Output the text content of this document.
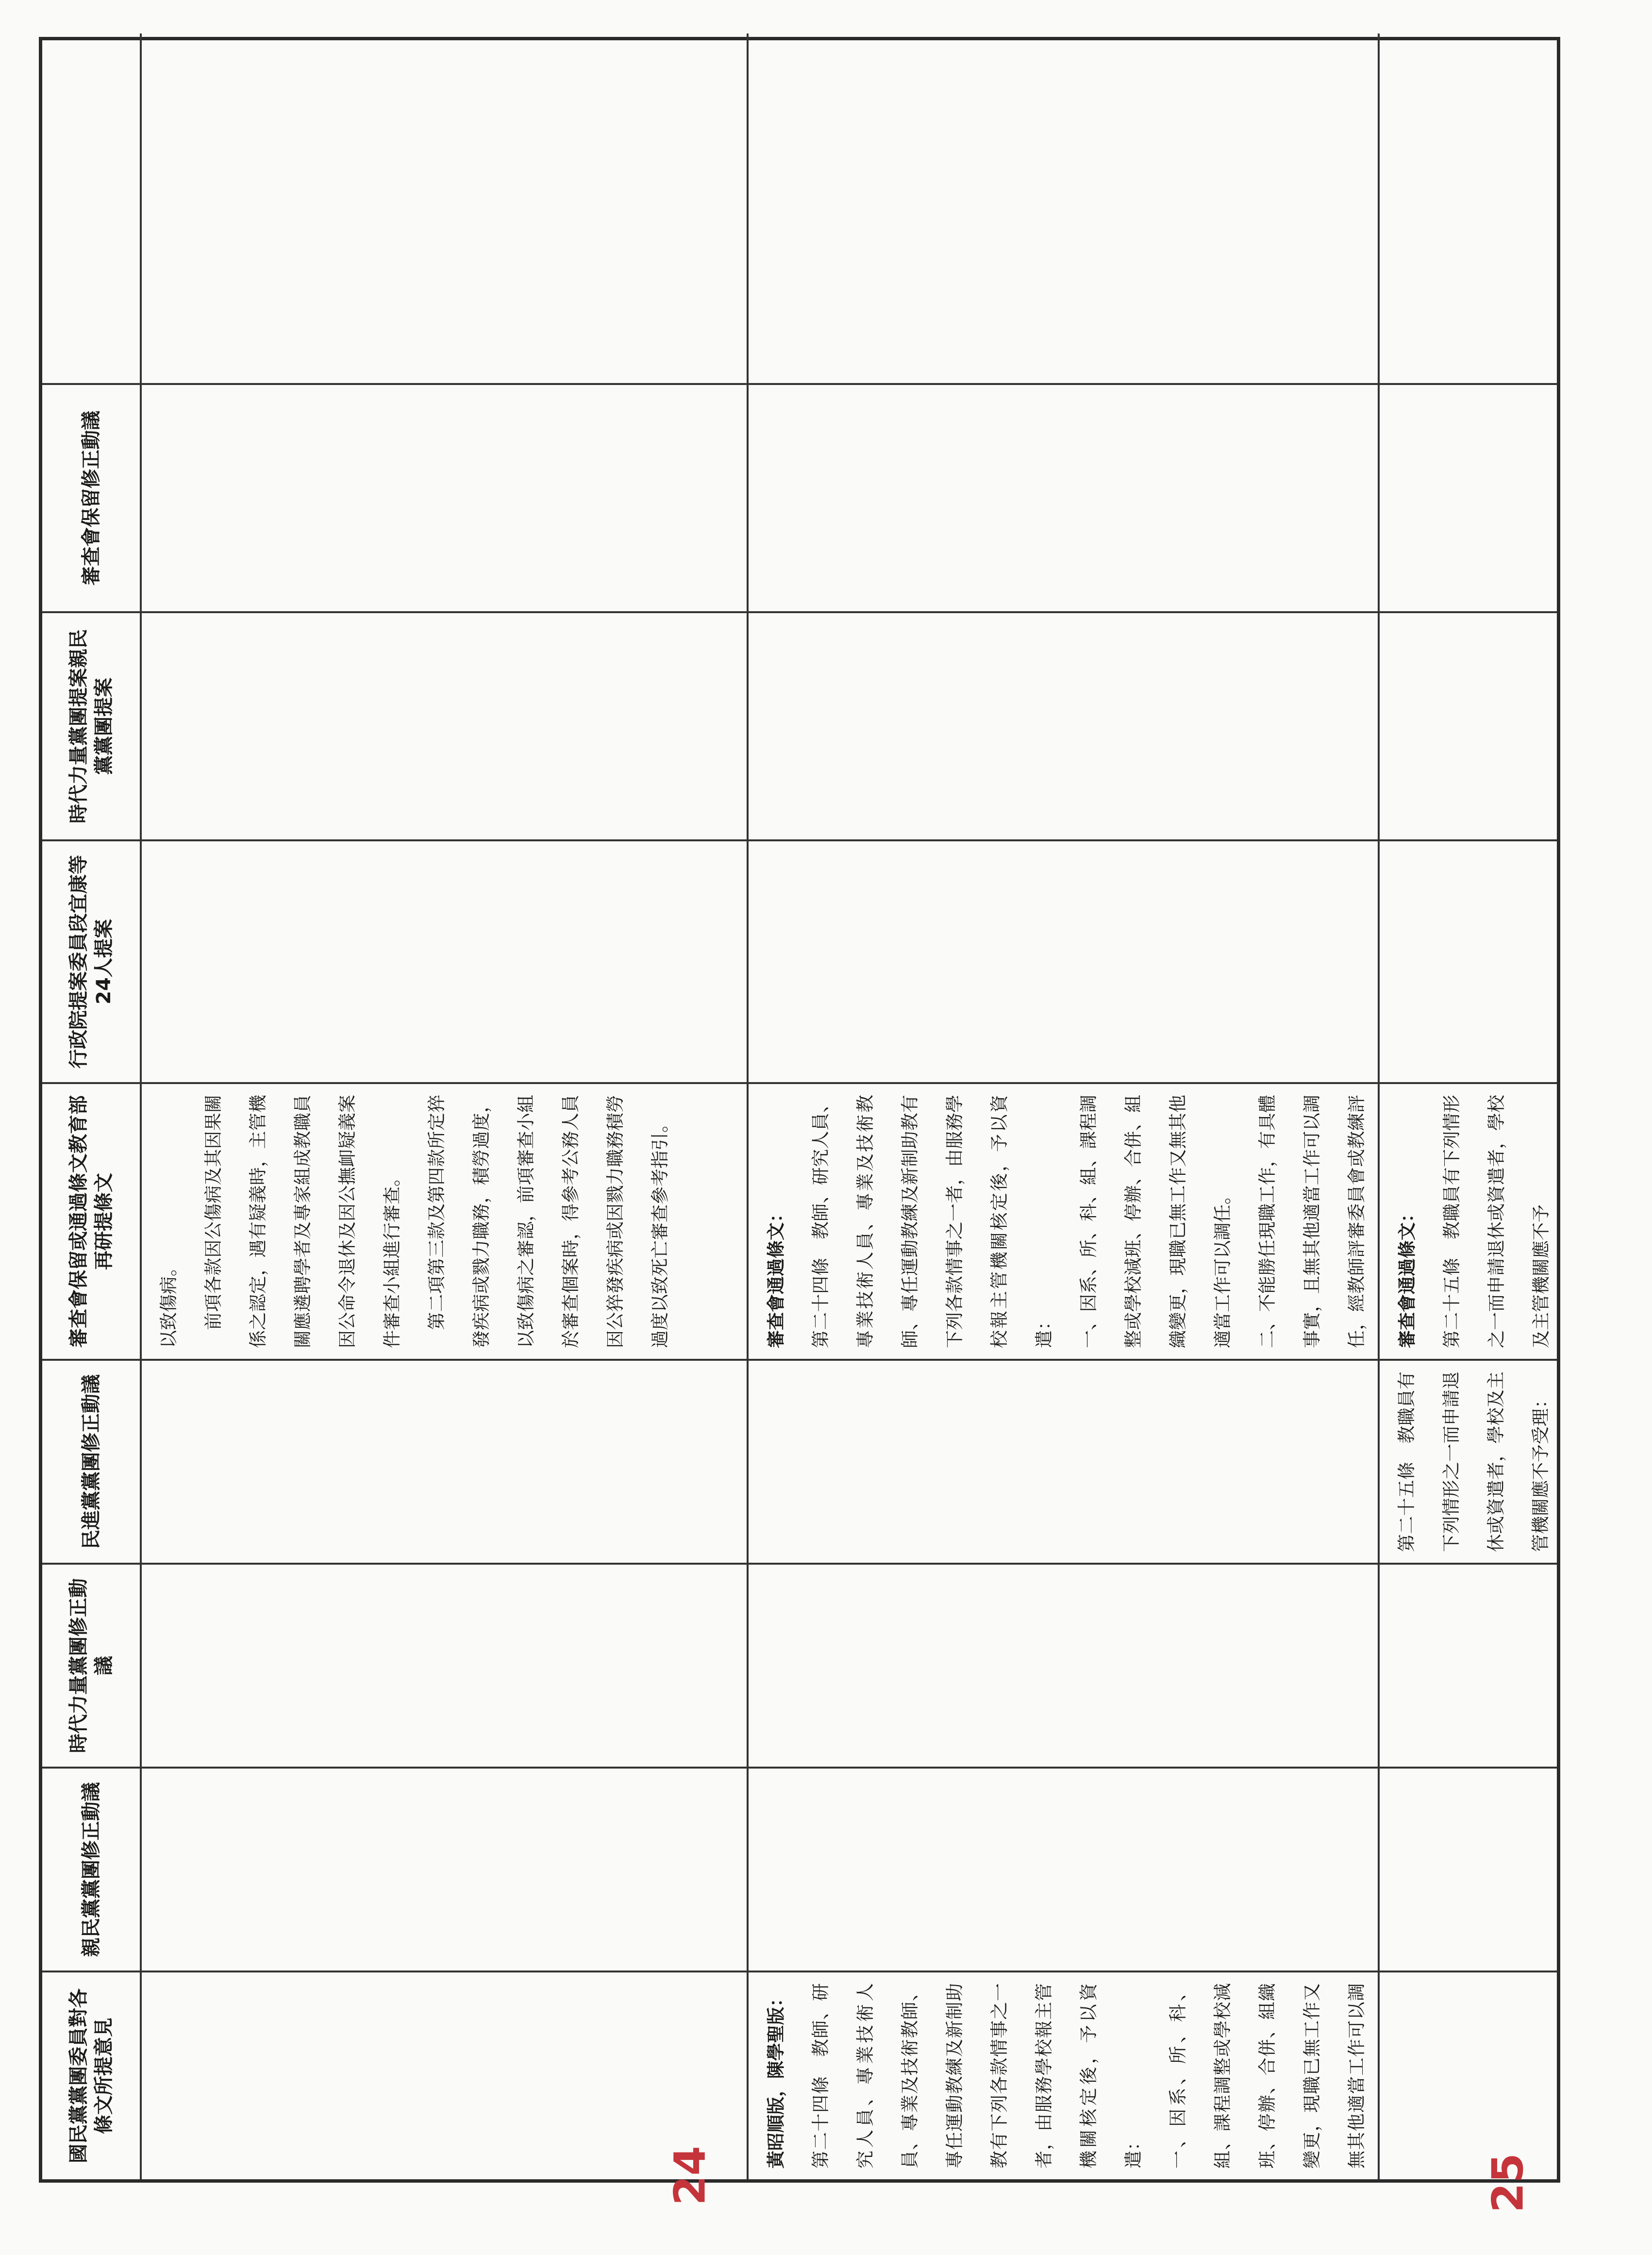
國民黨黨團委員對各條文所提意見
親民黨黨團修正動議
時代力量黨團修正動議
民進黨黨團修正動議
審查會保留或通過條文教育部再研提條文
行政院提案委員段宜康等24人提案
時代力量黨團提案親民黨黨團提案
審查會保留修正動議
以致傷病。
　前項各款因公傷病及其因果關係之認定，遇有疑義時，主管機關應遴聘學者及專家組成教職員因公命令退休及因公撫卹疑義案件審查小組進行審查。
　第二項第三款及第四款所定猝發疾病或戮力職務，積勞過度，以致傷病之審認，前項審查小組於審查個案時，得參考公務人員因公猝發疾病或因戮力職務積勞過度以致死亡審查參考指引。
黃昭順版，陳學聖版： 第二十四條　教師、研究人員、專業技術人員、專業及技術教師、專任運動教練及新制助教有下列各款情事之一者，由服務學校報主管機關核定後，予以資遣：
一、因系、所、科、組、課程調整或學校減班、停辦、合併、組織變更，現職已無工作又無其他適當工作可以調

審查會通過條文： 第二十四條　教師、研究人員、專業技術人員、專業及技術教師、專任運動教練及新制助教有下列各款情事之一者，由服務學校報主管機關核定後，予以資遣：
一、因系、所、科、組、課程調整或學校減班、停辦、合併、組織變更，現職已無工作又無其他適當工作可以調任。
二、不能勝任現職工作，有具體事實，且無其他適當工作可以調任，經教師評審委員會或教練評

第二十五條　教職員有下列情形之一而申請退休或資遣者，學校及主管機關應不予受理：
審查會通過條文： 第二十五條　教職員有下列情形之一而申請退休或資遣者，學校及主管機關應不予
24	25
